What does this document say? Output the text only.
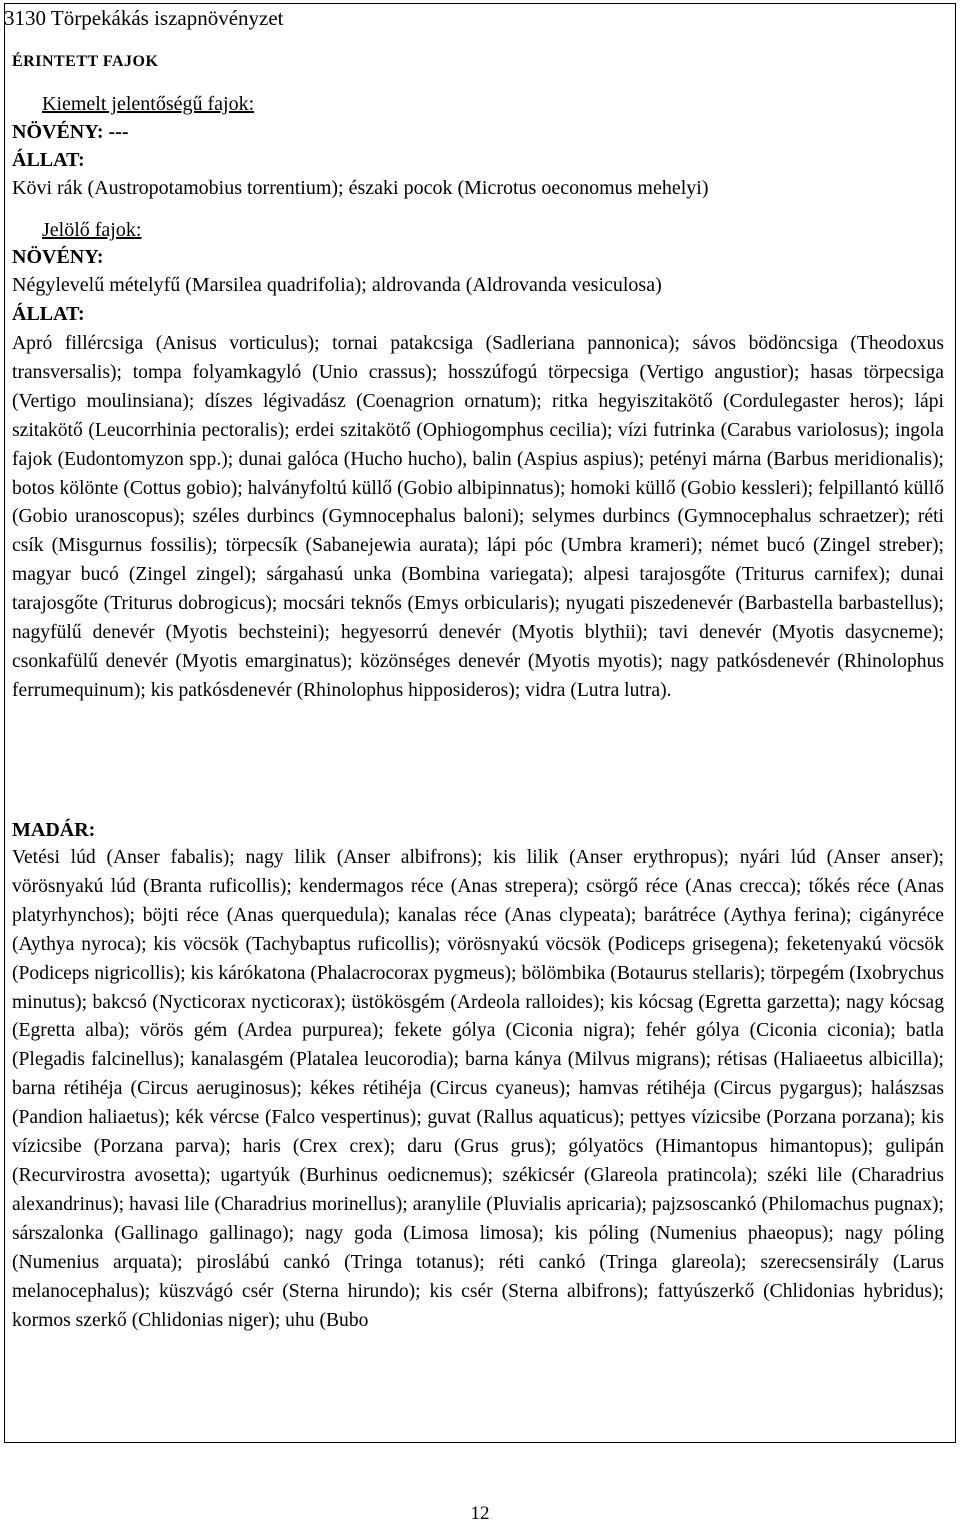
3130 Törpekákás iszapnövényzet
ÉRINTETT FAJOK
Kiemelt jelentőségű fajok:
NÖVÉNY: ---
ÁLLAT:
Kövi rák (Austropotamobius torrentium); északi pocok (Microtus oeconomus mehelyi)
Jelölő fajok:
NÖVÉNY:
Négylevelű mételyfű (Marsilea quadrifolia); aldrovanda (Aldrovanda vesiculosa)
ÁLLAT:
Apró fillércsiga (Anisus vorticulus); tornai patakcsiga (Sadleriana pannonica); sávos bödöncsiga (Theodoxus transversalis); tompa folyamkagyló (Unio crassus); hosszúfogú törpecsiga (Vertigo angustior); hasas törpecsiga (Vertigo moulinsiana); díszes légivadász (Coenagrion ornatum); ritka hegyiszitakötő (Cordulegaster heros); lápi szitakötő (Leucorrhinia pectoralis); erdei szitakötő (Ophiogomphus cecilia); vízi futrinka (Carabus variolosus); ingola fajok (Eudontomyzon spp.); dunai galóca (Hucho hucho), balin (Aspius aspius); petényi márna (Barbus meridionalis); botos kölönte (Cottus gobio); halványfoltú küllő (Gobio albipinnatus); homoki küllő (Gobio kessleri); felpillantó küllő (Gobio uranoscopus); széles durbincs (Gymnocephalus baloni); selymes durbincs (Gymnocephalus schraetzer); réti csík (Misgurnus fossilis); törpecsík (Sabanejewia aurata); lápi póc (Umbra krameri); német bucó (Zingel streber); magyar bucó (Zingel zingel); sárgahasú unka (Bombina variegata); alpesi tarajosgőte (Triturus carnifex); dunai tarajosgőte (Triturus dobrogicus); mocsári teknős (Emys orbicularis); nyugati piszedenevér (Barbastella barbastellus); nagyfülű denevér (Myotis bechsteini); hegyesorrú denevér (Myotis blythii); tavi denevér (Myotis dasycneme); csonkafülű denevér (Myotis emarginatus); közönséges denevér (Myotis myotis); nagy patkósdenevér (Rhinolophus ferrumequinum); kis patkósdenevér (Rhinolophus hipposideros); vidra (Lutra lutra).
MADÁR:
Vetési lúd (Anser fabalis); nagy lilik (Anser albifrons); kis lilik (Anser erythropus); nyári lúd (Anser anser); vörösnyakú lúd (Branta ruficollis); kendermagos réce (Anas strepera); csörgő réce (Anas crecca); tőkés réce (Anas platyrhynchos); böjti réce (Anas querquedula); kanalas réce (Anas clypeata); barátréce (Aythya ferina); cigányréce (Aythya nyroca); kis vöcsök (Tachybaptus ruficollis); vörösnyakú vöcsök (Podiceps grisegena); feketenyakú vöcsök (Podiceps nigricollis); kis kárókatona (Phalacrocorax pygmeus); bölömbika (Botaurus stellaris); törpegém (Ixobrychus minutus); bakcsó (Nycticorax nycticorax); üstökösgém (Ardeola ralloides); kis kócsag (Egretta garzetta); nagy kócsag (Egretta alba); vörös gém (Ardea purpurea); fekete gólya (Ciconia nigra); fehér gólya (Ciconia ciconia); batla (Plegadis falcinellus); kanalasgém (Platalea leucorodia); barna kánya (Milvus migrans); rétisas (Haliaeetus albicilla); barna rétihéja (Circus aeruginosus); kékes rétihéja (Circus cyaneus); hamvas rétihéja (Circus pygargus); halászsas (Pandion haliaetus); kék vércse (Falco vespertinus); guvat (Rallus aquaticus); pettyes vízicsibe (Porzana porzana); kis vízicsibe (Porzana parva); haris (Crex crex); daru (Grus grus); gólyatöcs (Himantopus himantopus); gulipán (Recurvirostra avosetta); ugartyúk (Burhinus oedicnemus); székicsér (Glareola pratincola); széki lile (Charadrius alexandrinus); havasi lile (Charadrius morinellus); aranylile (Pluvialis apricaria); pajzsoscankó (Philomachus pugnax); sárszalonka (Gallinago gallinago); nagy goda (Limosa limosa); kis póling (Numenius phaeopus); nagy póling (Numenius arquata); piroslábú cankó (Tringa totanus); réti cankó (Tringa glareola); szerecsensirály (Larus melanocephalus); küszvágó csér (Sterna hirundo); kis csér (Sterna albifrons); fattyúszerkő (Chlidonias hybridus); kormos szerkő (Chlidonias niger); uhu (Bubo
12
